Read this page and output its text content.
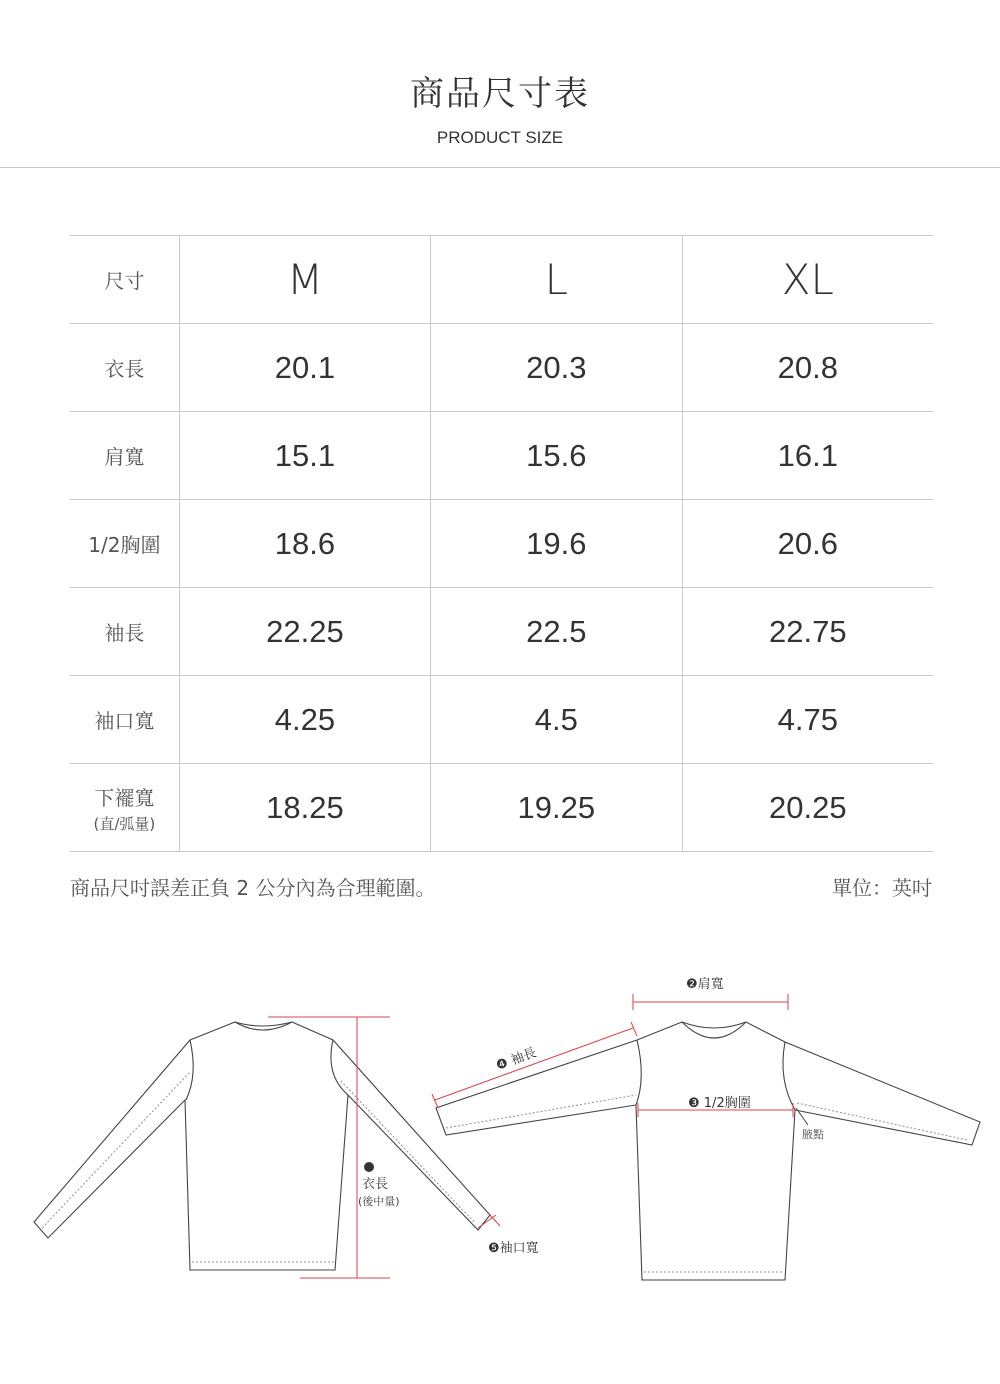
商品尺寸表
PRODUCT SIZE
尺寸	M	L	XL
衣長	20.1	20.3	20.8
肩寬	15.1	15.6	16.1
1/2胸圍	18.6	19.6	20.6
袖長	22.25	22.5	22.75
袖口寬	4.25	4.5	4.75
下襬寬
(直/弧量)	18.25	19.25	20.25
商品尺吋誤差正負 2 公分內為合理範圍。	單位：英吋
衣長
(後中量)
❺袖口寬
❷肩寬
❹ 袖長
❸ 1/2胸圍
腋點
